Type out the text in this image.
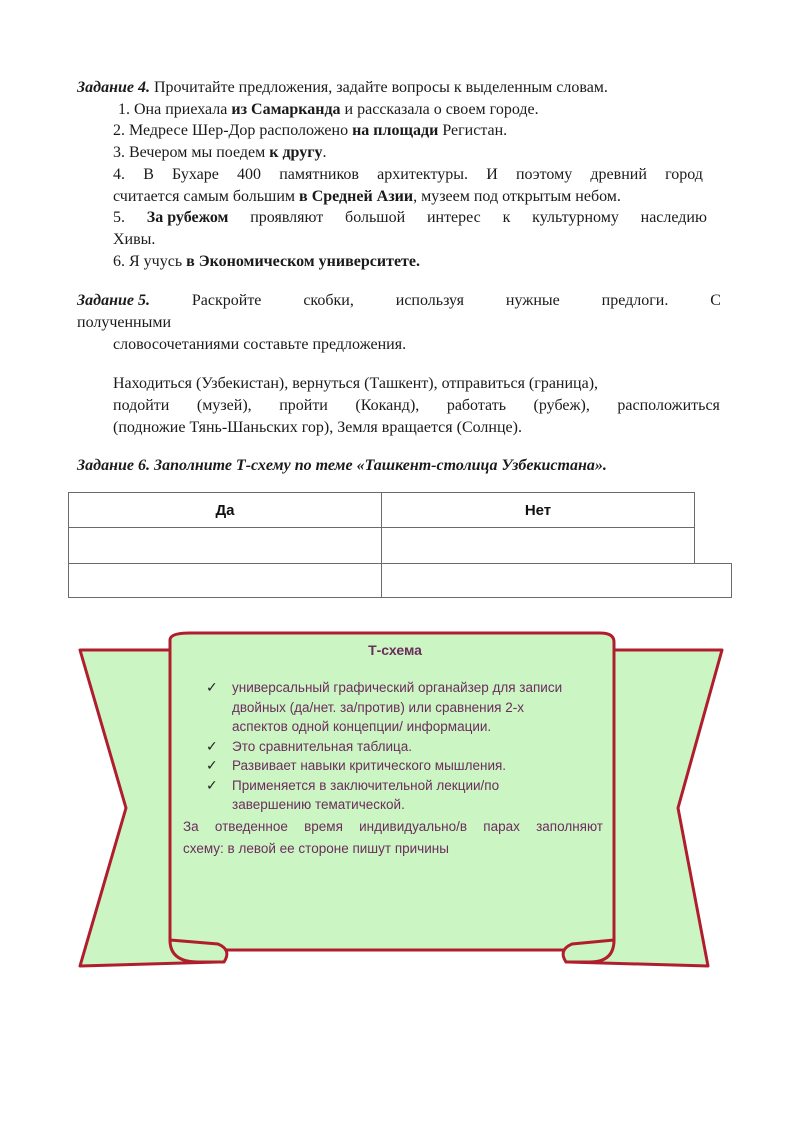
Задание 4. Прочитайте предложения, задайте вопросы к выделенным словам.
1. Она приехала из Самарканда и рассказала о своем городе.
2. Медресе Шер-Дор расположено на площади Регистан.
3. Вечером мы поедем к другу.
4. В Бухаре 400 памятников архитектуры. И поэтому древний город
считается самым большим в Средней Азии, музеем под открытым небом.
5. За рубежом проявляют большой интерес к культурному наследию
Хивы.
6. Я учусь в Экономическом университете.
Задание 5.	Раскройте	скобки,	используя	нужные	предлоги.	С
полученными
словосочетаниями составьте предложения.
Находиться (Узбекистан), вернуться (Ташкент), отправиться (граница),
подойти (музей), пройти (Коканд), работать (рубеж), расположиться
(подножие Тянь-Шаньских гор), Земля вращается (Солнце).
Задание 6. Заполните Т-схему по теме «Ташкент-столица Узбекистана».
Да	Нет
Т-схема
✓ универсальный графический органайзер для записи
двойных (да/нет. за/против) или сравнения 2-х
аспектов одной концепции/ информации.
✓ Это сравнительная таблица.
✓ Развивает навыки критического мышления.
✓ Применяется в заключительной лекции/по
завершению тематической.
За отведенное время индивидуально/в парах заполняют
схему: в левой ее стороне пишут причины
